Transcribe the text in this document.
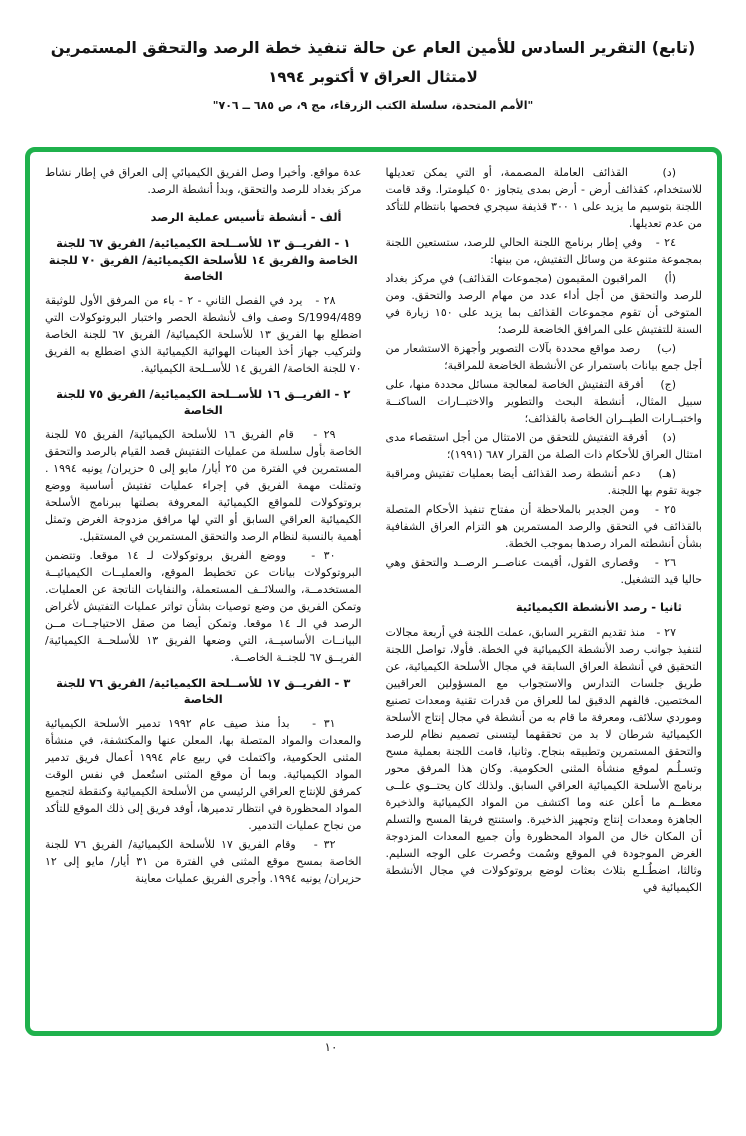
(تابع) التقرير السادس للأمين العام عن حالة تنفيذ خطة الرصد والتحقق المستمرين
لامتثال العراق ٧ أكتوبر ١٩٩٤
"الأمم المتحدة، سلسلة الكتب الزرقاء، مج ٩، ص ٦٨٥ ــ ٧٠٦"
(د)    القذائف العاملة المصممة، أو التي يمكن تعديلها للاستخدام، كقذائف أرض - أرض بمدى يتجاوز ٥٠ كيلومترا. وقد قامت اللجنة بتوسيم ما يزيد على ١ ٣٠٠ قذيفة سيجري فحصها بانتظام للتأكد من عدم تعديلها.
٢٤ -   وفي إطار برنامج اللجنة الحالي للرصد، ستستعين اللجنة بمجموعة متنوعة من وسائل التفتيش، من بينها:
(أ)    المراقبون المقيمون (مجموعات القذائف) في مركز بغداد للرصد والتحقق من أجل أداء عدد من مهام الرصد والتحقق. ومن المتوخى أن تقوم مجموعات القذائف بما يزيد على ١٥٠ زيارة في السنة للتفتيش على المرافق الخاضعة للرصد؛
(ب)    رصد مواقع محددة بآلات التصوير وأجهزة الاستشعار من أجل جمع بيانات باستمرار عن الأنشطة الخاضعة للمراقبة؛
(ج)    أفرقة التفتيش الخاصة لمعالجة مسائل محددة منها، على سبيل المثال، أنشطة البحث والتطوير والاختبــارات الساكنــة واختبــارات الطيــران الخاصة بالقذائف؛
(د)    أفرقة التفتيش للتحقق من الامتثال من أجل استقصاء مدى امتثال العراق للأحكام ذات الصلة من القرار ٦٨٧ (١٩٩١)؛
(هـ)    دعم أنشطة رصد القذائف أيضا بعمليات تفتيش ومراقبة جوية تقوم بها اللجنة.
٢٥ -   ومن الجدير بالملاحظة أن مفتاح تنفيذ الأحكام المتصلة بالقذائف في التحقق والرصد المستمرين هو التزام العراق الشفافية بشأن أنشطته المراد رصدها بموجب الخطة.
٢٦ -   وقصارى القول، أقيمت عناصــر الرصــد والتحقق وهي حاليا قيد التشغيل.
ثانيا - رصد الأنشطة الكيميائية
٢٧ -   منذ تقديم التقرير السابق، عملت اللجنة في أربعة مجالات لتنفيذ جوانب رصد الأنشطة الكيميائية في الخطة. فأولا، تواصل اللجنة التحقيق في أنشطة العراق السابقة في مجال الأسلحة الكيميائية، عن طريق جلسات التدارس والاستجواب مع المسؤولين العراقيين المختصين. فالفهم الدقيق لما للعراق من قدرات تقنية ومعدات تصنيع وموردي سلائف، ومعرفة ما قام به من أنشطة في مجال إنتاج الأسلحة الكيميائية شرطان لا بد من تحققهما ليتسنى تصميم نظام للرصد والتحقق المستمرين وتطبيقه بنجاح. وثانيا، قامت اللجنة بعملية مسح وتسـلُـم لموقع منشأة المثنى الحكومية. وكان هذا المرفق محور برنامج الأسلحة الكيميائية العراقي السابق. ولذلك كان يحتــوي علــى معظــم ما أعلن عنه وما اكتشف من المواد الكيميائية والذخيرة الجاهزة ومعدات إنتاج وتجهيز الذخيرة. واستنتج فريقا المسح والتسلم أن المكان خال من المواد المحظورة وأن جميع المعدات المزدوجة الغرض الموجودة في الموقع وسُمت وحُصرت على الوجه السليم. وثالثا، اضطُـلـع بثلاث بعثات لوضع بروتوكولات في مجال الأنشطة الكيميائية في
عدة مواقع. وأخيرا وصل الفريق الكيميائي إلى العراق في إطار نشاط مركز بغداد للرصد والتحقق، وبدأ أنشطة الرصد.
ألف - أنشطة تأسيس عملية الرصد
١ - الفريــق ١٣ للأســلحة الكيميائية/ الفريق ٦٧ للجنة الخاصة والفريق ١٤ للأسلحة الكيميائية/ الفريق ٧٠ للجنة الخاصة
٢٨ -   يرد في الفصل الثاني - ٢ - باء من المرفق الأول للوثيقة S/1994/489 وصف واف لأنشطة الحصر واختبار البروتوكولات التي اضطلع بها الفريق ١٣ للأسلحة الكيميائية/ الفريق ٦٧ للجنة الخاصة ولتركيب جهاز أخذ العينات الهوائية الكيميائية الذي اضطلع به الفريق ٧٠ للجنة الخاصة/ الفريق ١٤ للأســلحة الكيميائية.
٢ - الفريــق ١٦ للأســلحة الكيميائية/ الفريق ٧٥ للجنة الخاصة
٢٩ -   قام الفريق ١٦ للأسلحة الكيميائية/ الفريق ٧٥ للجنة الخاصة بأول سلسلة من عمليات التفتيش قصد القيام بالرصد والتحقق المستمرين في الفترة من ٢٥ أيار/ مايو إلى ٥ حزيران/ يونيه ١٩٩٤ . وتمثلت مهمة الفريق في إجراء عمليات تفتيش أساسية ووضع بروتوكولات للمواقع الكيميائية المعروفة بصلتها ببرنامج الأسلحة الكيميائية العراقي السابق أو التي لها مرافق مزدوجة الغرض وتمثل أهمية بالنسبة لنظام الرصد والتحقق المستمرين في المستقبل.
٣٠ -   ووضع الفريق بروتوكولات لـ ١٤ موقعا. وتتضمن البروتوكولات بيانات عن تخطيط الموقع، والعمليــات الكيميائيــة المستخدمــة، والسلائــف المستعملة، والنفايات الناتجة عن العمليات. وتمكن الفريق من وضع توصيات بشأن تواتر عمليات التفتيش لأغراض الرصد في الـ ١٤ موقعا. وتمكن أيضا من صقل الاحتياجــات مــن البيانــات الأساسيــة، التي وضعها الفريق ١٣ للأسلحــة الكيميائية/ الفريــق ٦٧ للجنــة الخاصــة.
٣ - الفريــق ١٧ للأســلحة الكيميائية/ الفريق ٧٦ للجنة الخاصة
٣١ -   بدأ منذ صيف عام ١٩٩٢ تدمير الأسلحة الكيميائية والمعدات والمواد المتصلة بها، المعلن عنها والمكتشفة، في منشأة المثنى الحكومية، واكتملت في ربيع عام ١٩٩٤ أعمال فريق تدمير المواد الكيميائية. وبما أن موقع المثنى استُعمل في نفس الوقت كمرفق للإنتاج العراقي الرئيسي من الأسلحة الكيميائية وكنقطة لتجميع المواد المحظورة في انتظار تدميرها، أوفد فريق إلى ذلك الموقع للتأكد من نجاح عمليات التدمير.
٣٢ -   وقام الفريق ١٧ للأسلحة الكيميائية/ الفريق ٧٦ للجنة الخاصة بمسح موقع المثنى في الفترة من ٣١ أيار/ مايو إلى ١٢ حزيران/ يونيه ١٩٩٤. وأجرى الفريق عمليات معاينة
١٠
